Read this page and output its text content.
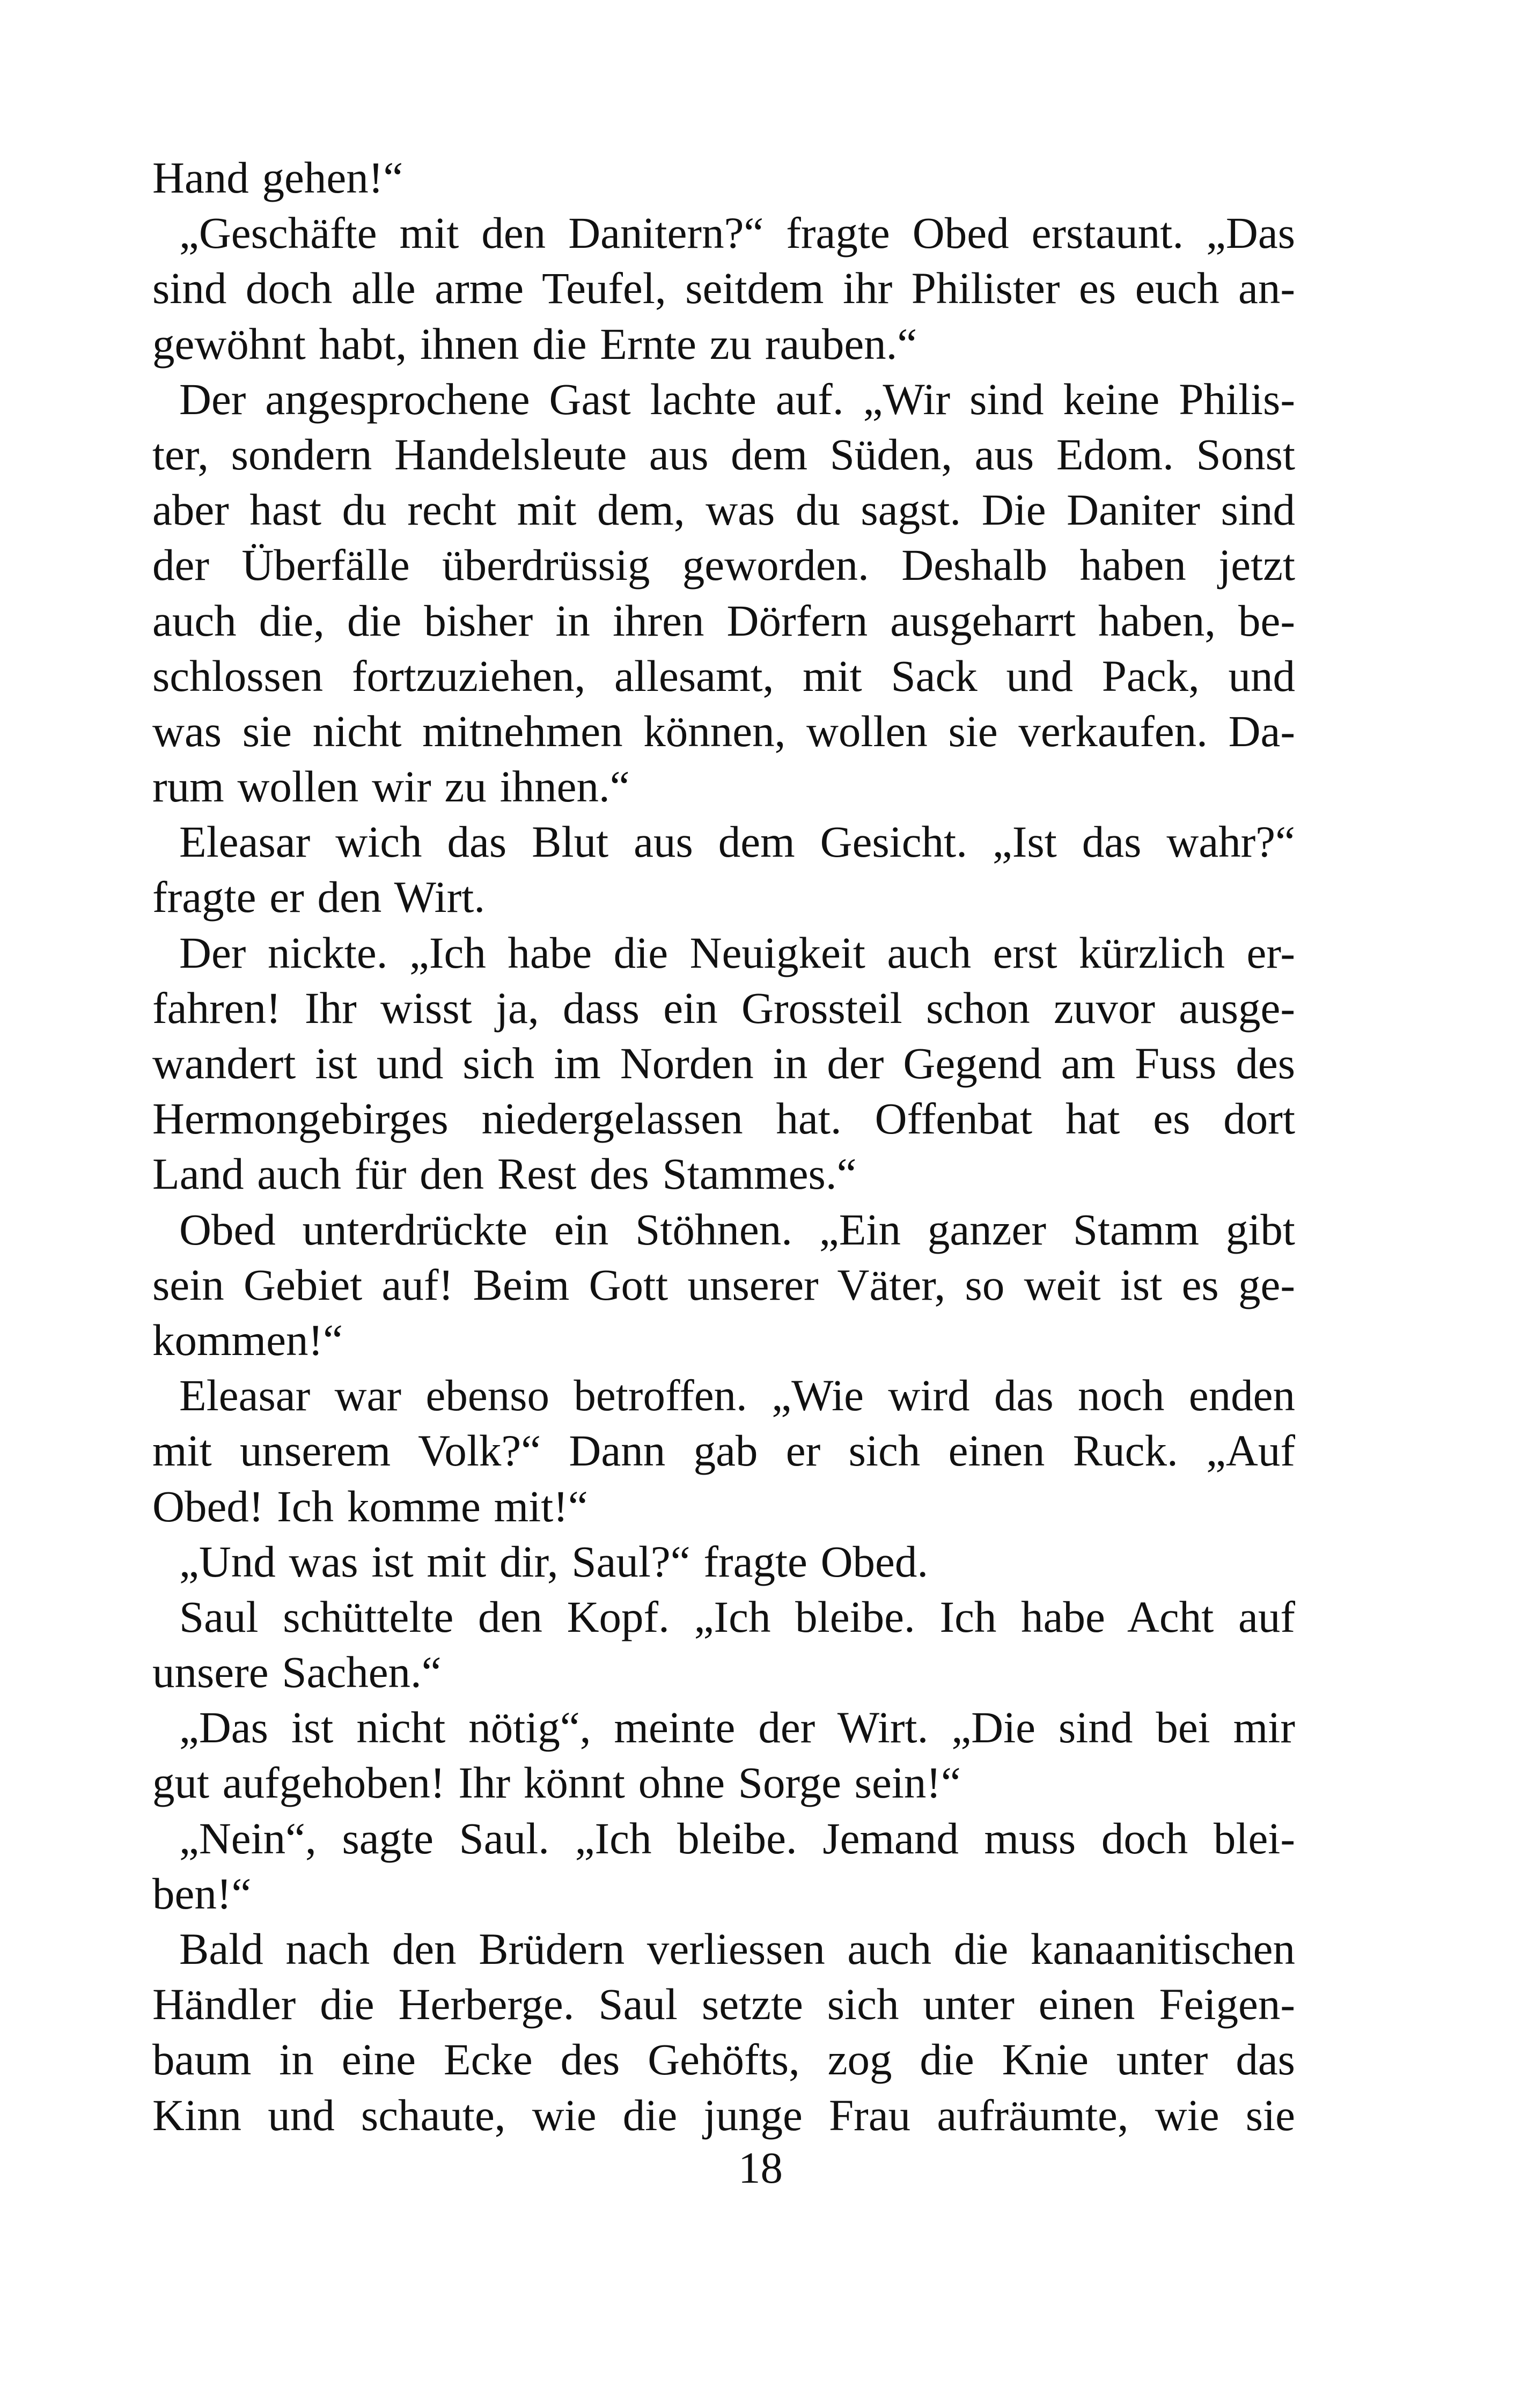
Hand gehen!“
„Geschäfte mit den Danitern?“ fragte Obed erstaunt. „Das
sind doch alle arme Teufel, seitdem ihr Philister es euch an-
gewöhnt habt, ihnen die Ernte zu rauben.“
Der angesprochene Gast lachte auf. „Wir sind keine Philis-
ter, sondern Handelsleute aus dem Süden, aus Edom. Sonst
aber hast du recht mit dem, was du sagst. Die Daniter sind
der Überfälle überdrüssig geworden. Deshalb haben jetzt
auch die, die bisher in ihren Dörfern ausgeharrt haben, be-
schlossen fortzuziehen, allesamt, mit Sack und Pack, und
was sie nicht mitnehmen können, wollen sie verkaufen. Da-
rum wollen wir zu ihnen.“
Eleasar wich das Blut aus dem Gesicht. „Ist das wahr?“
fragte er den Wirt.
Der nickte. „Ich habe die Neuigkeit auch erst kürzlich er-
fahren! Ihr wisst ja, dass ein Grossteil schon zuvor ausge-
wandert ist und sich im Norden in der Gegend am Fuss des
Hermongebirges niedergelassen hat. Offenbat hat es dort
Land auch für den Rest des Stammes.“
Obed unterdrückte ein Stöhnen. „Ein ganzer Stamm gibt
sein Gebiet auf! Beim Gott unserer Väter, so weit ist es ge-
kommen!“
Eleasar war ebenso betroffen. „Wie wird das noch enden
mit unserem Volk?“ Dann gab er sich einen Ruck. „Auf
Obed! Ich komme mit!“
„Und was ist mit dir, Saul?“ fragte Obed.
Saul schüttelte den Kopf. „Ich bleibe. Ich habe Acht auf
unsere Sachen.“
„Das ist nicht nötig“, meinte der Wirt. „Die sind bei mir
gut aufgehoben! Ihr könnt ohne Sorge sein!“
„Nein“, sagte Saul. „Ich bleibe. Jemand muss doch blei-
ben!“
Bald nach den Brüdern verliessen auch die kanaanitischen
Händler die Herberge. Saul setzte sich unter einen Feigen-
baum in eine Ecke des Gehöfts, zog die Knie unter das
Kinn und schaute, wie die junge Frau aufräumte, wie sie
18
